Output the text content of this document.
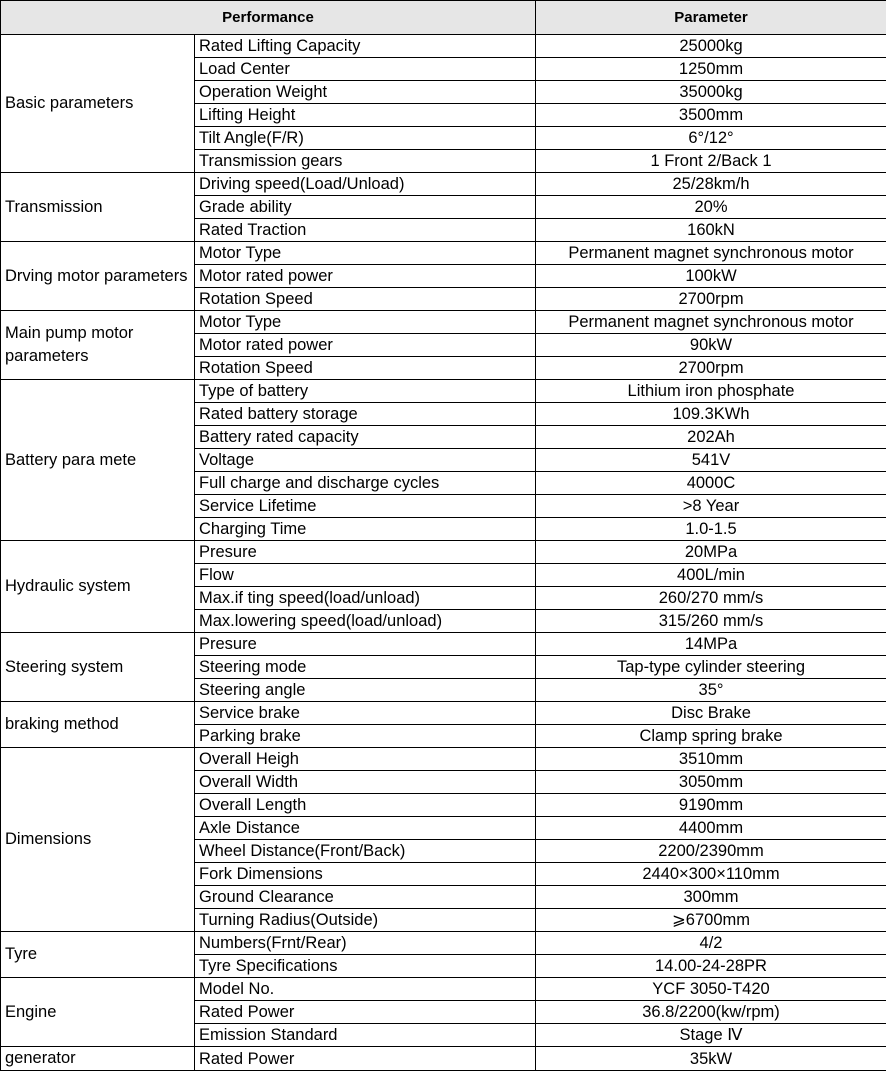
Performance		Parameter
Basic parameters	Rated Lifting Capacity	25000kg
	Load Center	1250mm
	Operation Weight	35000kg
	Lifting Height	3500mm
	Tilt Angle(F/R)	6°/12°
	Transmission gears	1 Front 2/Back 1
Transmission	Driving speed(Load/Unload)	25/28km/h
	Grade ability	20%
	Rated Traction	160kN
Drving motor parameters	Motor Type	Permanent magnet synchronous motor
	Motor rated power	100kW
	Rotation Speed	2700rpm
Main pump motor parameters	Motor Type	Permanent magnet synchronous motor
	Motor rated power	90kW
	Rotation Speed	2700rpm
Battery para mete	Type of battery	Lithium iron phosphate
	Rated battery storage	109.3KWh
	Battery rated capacity	202Ah
	Voltage	541V
	Full charge and discharge cycles	4000C
	Service Lifetime	>8 Year
	Charging Time	1.0-1.5
Hydraulic system	Presure	20MPa
	Flow	400L/min
	Max.if ting speed(load/unload)	260/270 mm/s
	Max.lowering speed(load/unload)	315/260 mm/s
Steering system	Presure	14MPa
	Steering mode	Tap-type cylinder steering
	Steering angle	35°
braking method	Service brake	Disc Brake
	Parking brake	Clamp spring brake
Dimensions	Overall Heigh	3510mm
	Overall Width	3050mm
	Overall Length	9190mm
	Axle Distance	4400mm
	Wheel Distance(Front/Back)	2200/2390mm
	Fork Dimensions	2440×300×110mm
	Ground Clearance	300mm
	Turning Radius(Outside)	⩾6700mm
Tyre	Numbers(Frnt/Rear)	4/2
	Tyre Specifications	14.00-24-28PR
Engine	Model No.	YCF 3050-T420
	Rated Power	36.8/2200(kw/rpm)
	Emission Standard	Stage Ⅳ
generator	Rated Power	35kW
